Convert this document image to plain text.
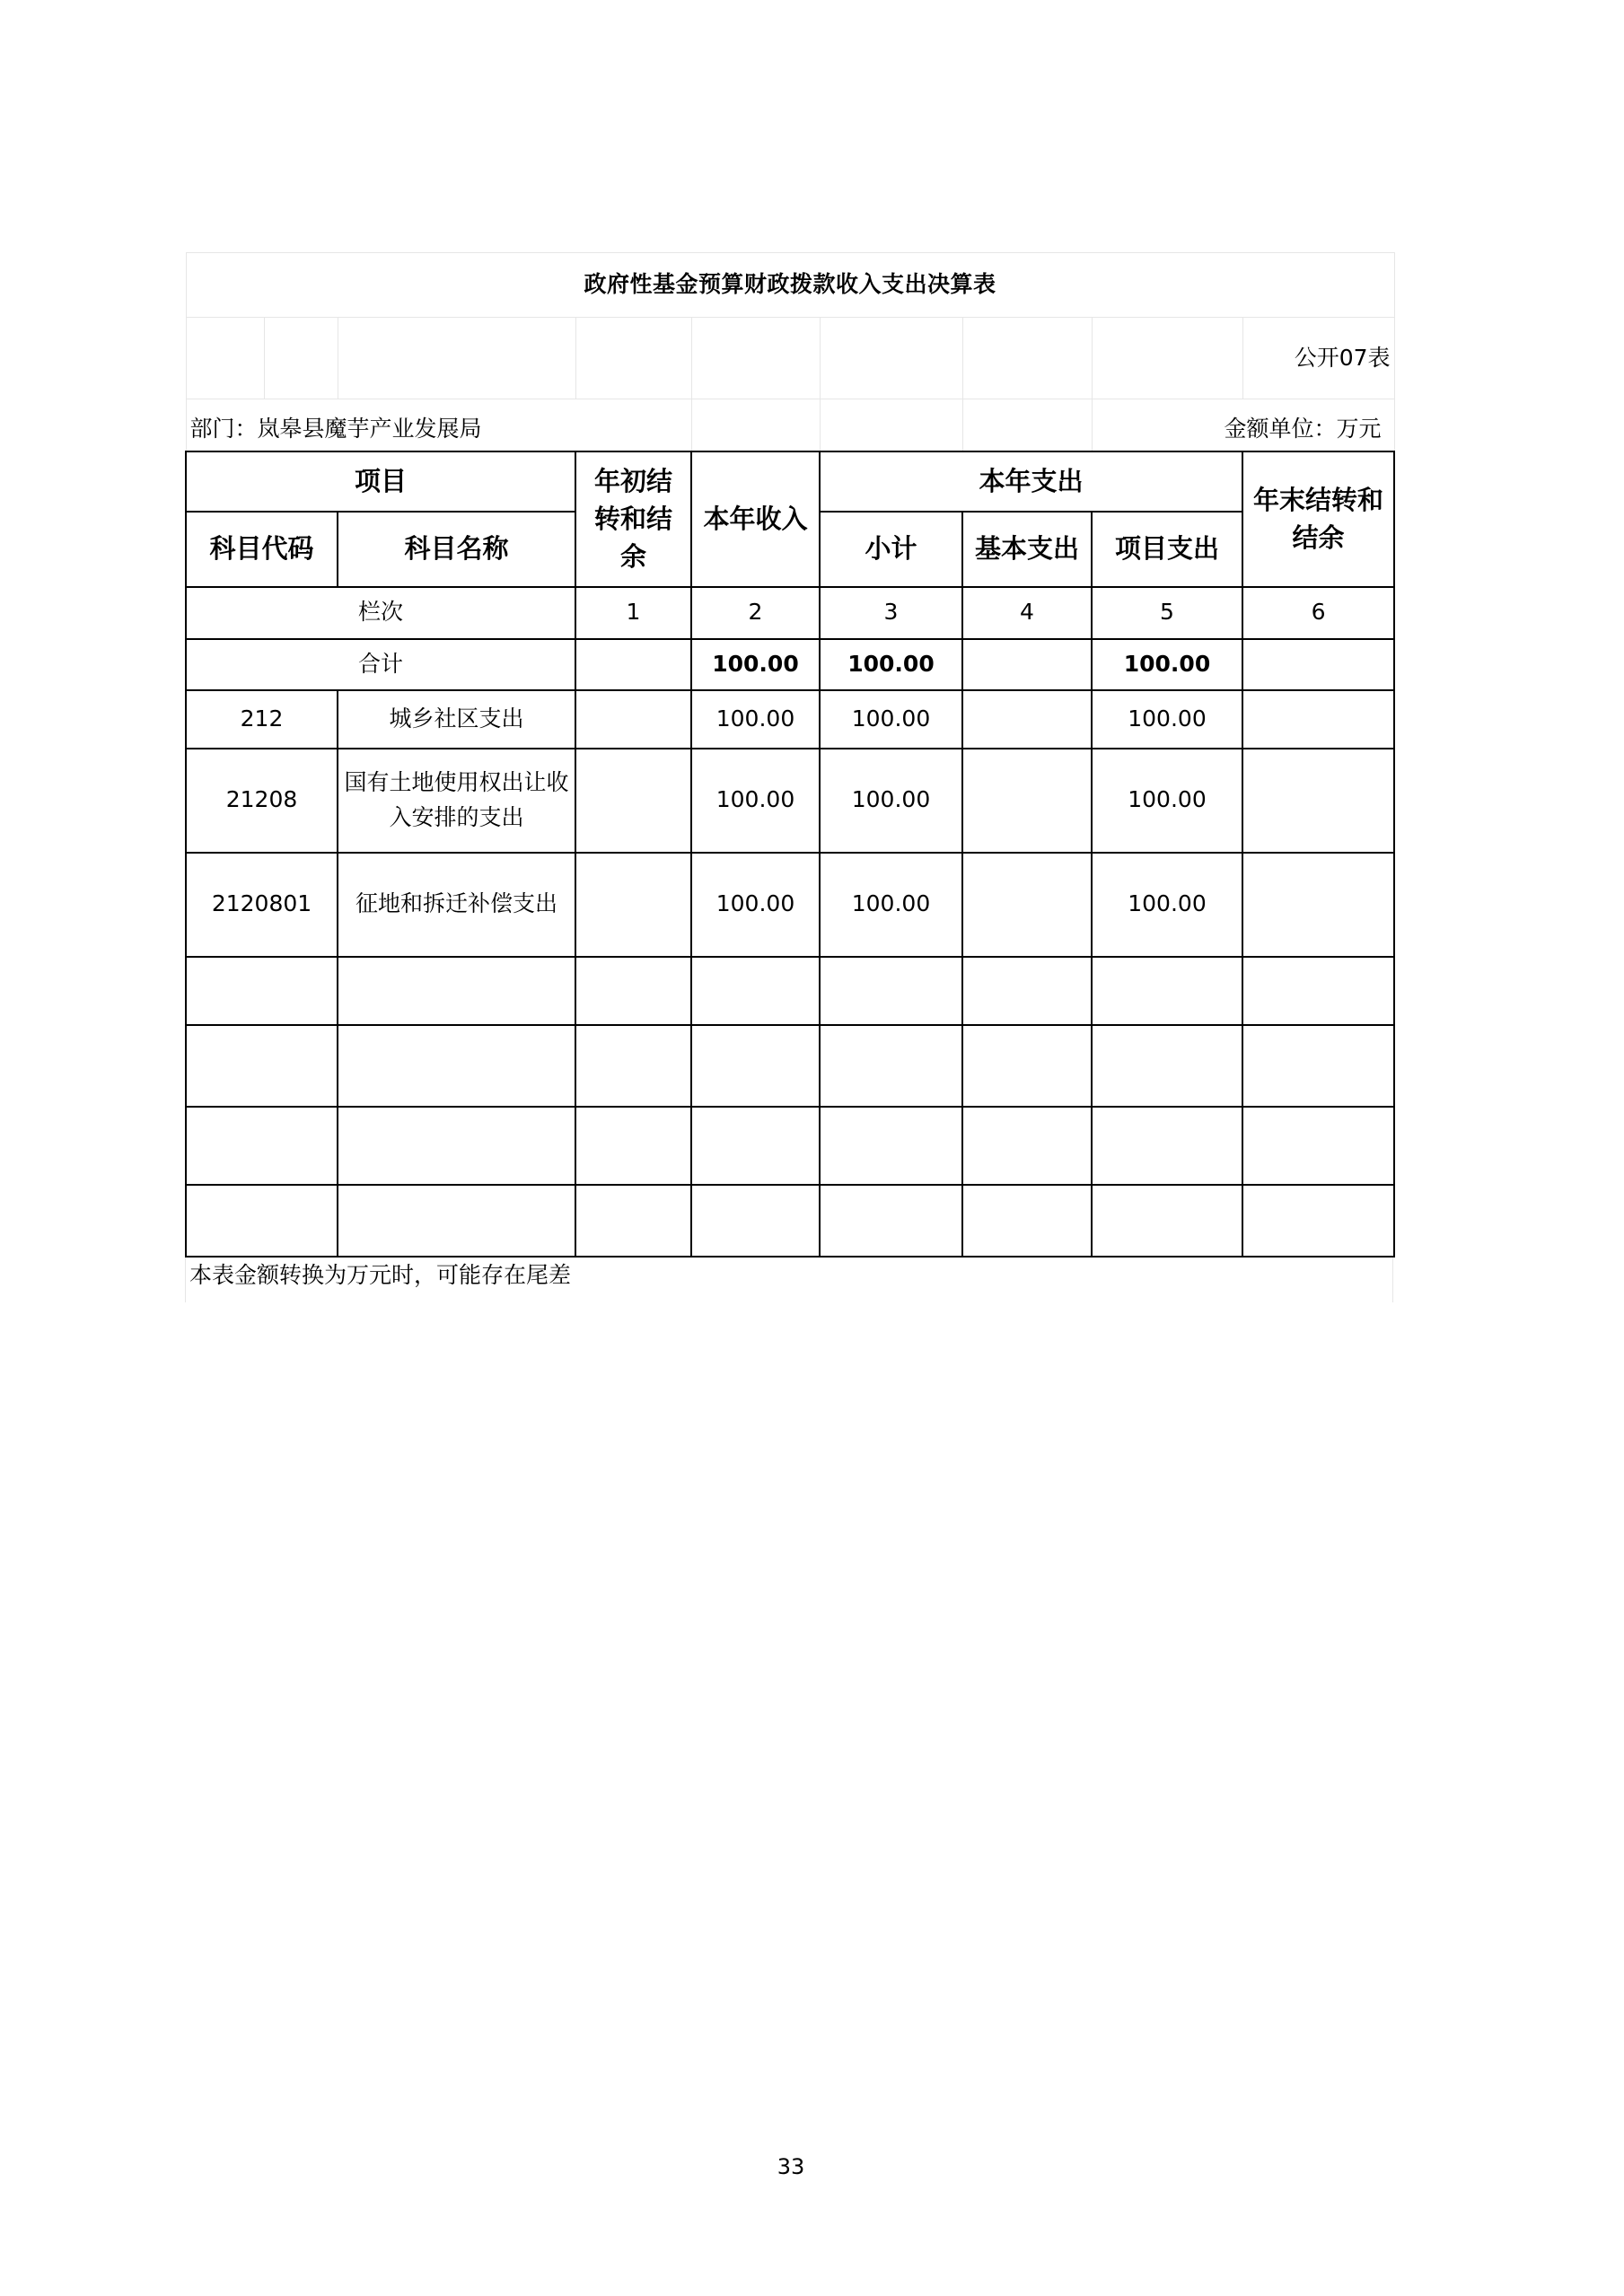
政府性基金预算财政拨款收入支出决算表								
								公开07表
部门：岚皋县魔芋产业发展局							金额单位：万元	
项目			年初结转和结余	本年收入	本年支出			年末结转和结余
科目代码		科目名称			小计	基本支出	项目支出	
栏次			1	2	3	4	5	6
合计				100.00	100.00		100.00	
212		城乡社区支出		100.00	100.00		100.00	
21208		国有土地使用权出让收入安排的支出		100.00	100.00		100.00	
2120801		征地和拆迁补偿支出		100.00	100.00		100.00	

本表金额转换为万元时，可能存在尾差
33
